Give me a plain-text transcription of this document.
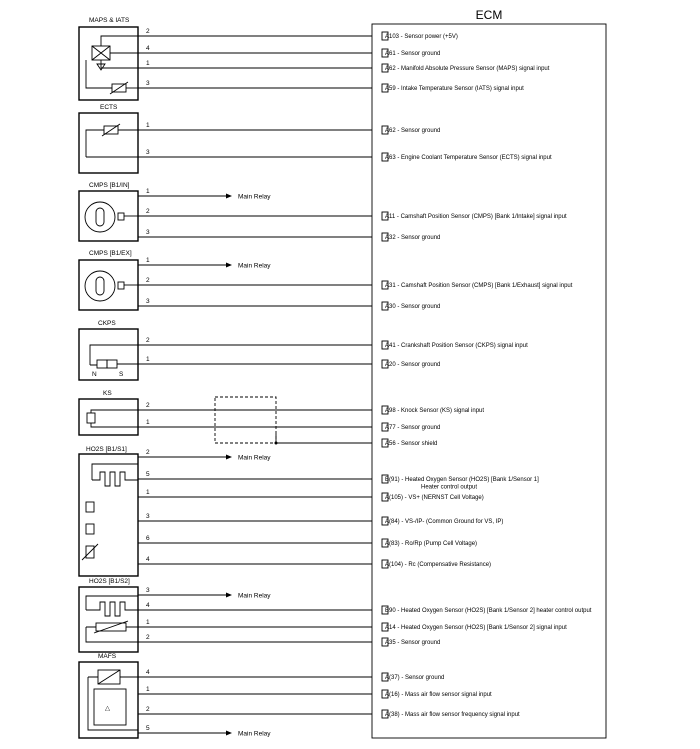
ECM
MAPS & IATS
ECTS
CMPS [B1/IN]
CMPS [B1/EX]
CKPS
KS
HO2S [B1/S1]
HO2S [B1/S2]
MAFS
N	S
△
A103 - Sensor power (+5V)
2
A61 - Sensor ground
4
A62 - Manifold Absolute Pressure Sensor (MAPS) signal input
1
A59 - Intake Temperature Sensor (IATS) signal input
3
A62 - Sensor ground
1
A63 - Engine Coolant Temperature Sensor (ECTS) signal input
3
Main Relay
1
A11 - Camshaft Position Sensor (CMPS) [Bank 1/Intake] signal input
2
A32 - Sensor ground
3
Main Relay
1
A31 - Camshaft Position Sensor (CMPS) [Bank 1/Exhaust] signal input
2
A30 - Sensor ground
3
A41 - Crankshaft Position Sensor (CKPS) signal input
2
A20 - Sensor ground
1
A98 - Knock Sensor (KS) signal input
2
A77 - Sensor ground
1
A56 - Sensor shield
Main Relay
2
B(91) - Heated Oxygen Sensor (HO2S) [Bank 1/Sensor 1]
Heater control output
5
A(105) - VS+ (NERNST Cell Voltage)
1
A(84) - VS-/IP- (Common Ground for VS, IP)
3
A(83) - Ro/Rp (Pump Cell Voltage)
6
A(104) - Rc (Compensative Resistance)
4
Main Relay
3
B90 - Heated Oxygen Sensor (HO2S) [Bank 1/Sensor 2] heater control output
4
A14 - Heated Oxygen Sensor (HO2S) [Bank 1/Sensor 2] signal input
1
A35 - Sensor ground
2
A(37) - Sensor ground
4
A(16) - Mass air flow sensor signal input
1
A(38) - Mass air flow sensor frequency signal input
2
Main Relay
5
